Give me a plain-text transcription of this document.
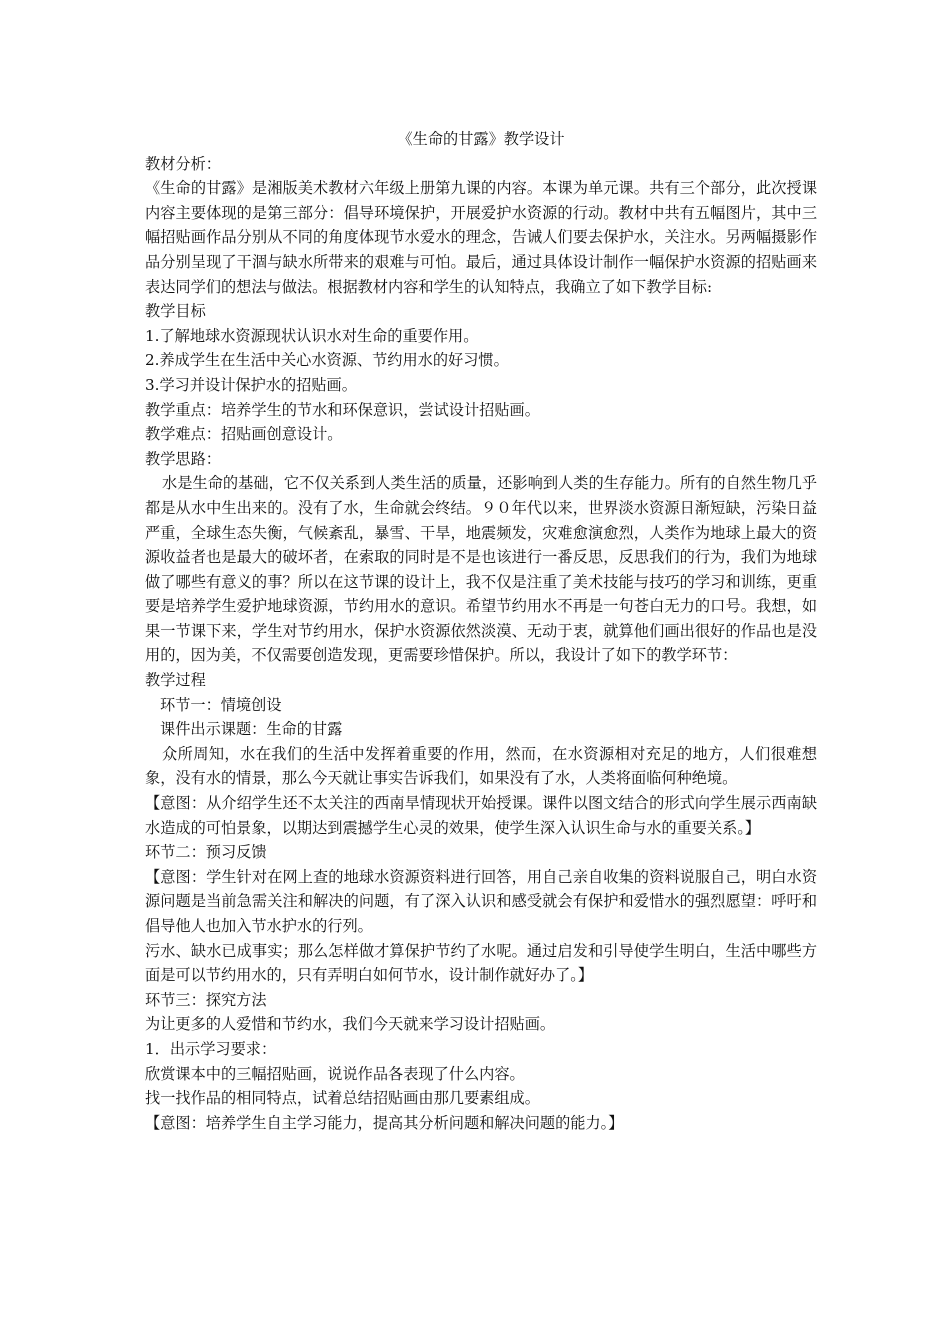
《生命的甘露》教学设计

教材分析：

《生命的甘露》是湘版美术教材六年级上册第九课的内容。本课为单元课。共有三个部分，此次授课内容主要体现的是第三部分：倡导环境保护，开展爱护水资源的行动。教材中共有五幅图片，其中三幅招贴画作品分别从不同的角度体现节水爱水的理念，告诫人们要去保护水，关注水。另两幅摄影作品分别呈现了干涸与缺水所带来的艰难与可怕。最后，通过具体设计制作一幅保护水资源的招贴画来表达同学们的想法与做法。根据教材内容和学生的认知特点，我确立了如下教学目标:

教学目标

1.了解地球水资源现状认识水对生命的重要作用。

2.养成学生在生活中关心水资源、节约用水的好习惯。

3.学习并设计保护水的招贴画。

教学重点：培养学生的节水和环保意识，尝试设计招贴画。

教学难点：招贴画创意设计。

教学思路：

水是生命的基础，它不仅关系到人类生活的质量，还影响到人类的生存能力。所有的自然生物几乎都是从水中生出来的。没有了水，生命就会终结。９０年代以来，世界淡水资源日渐短缺，污染日益严重，全球生态失衡，气候紊乱，暴雪、干旱，地震频发，灾难愈演愈烈，人类作为地球上最大的资源收益者也是最大的破坏者，在索取的同时是不是也该进行一番反思，反思我们的行为，我们为地球做了哪些有意义的事？所以在这节课的设计上，我不仅是注重了美术技能与技巧的学习和训练，更重要是培养学生爱护地球资源，节约用水的意识。希望节约用水不再是一句苍白无力的口号。我想，如果一节课下来，学生对节约用水，保护水资源依然淡漠、无动于衷，就算他们画出很好的作品也是没用的，因为美，不仅需要创造发现，更需要珍惜保护。所以，我设计了如下的教学环节：

教学过程

环节一：情境创设

课件出示课题：生命的甘露

众所周知，水在我们的生活中发挥着重要的作用，然而，在水资源相对充足的地方，人们很难想象，没有水的情景，那么今天就让事实告诉我们，如果没有了水，人类将面临何种绝境。

【意图：从介绍学生还不太关注的西南旱情现状开始授课。课件以图文结合的形式向学生展示西南缺水造成的可怕景象，以期达到震撼学生心灵的效果，使学生深入认识生命与水的重要关系。】

环节二：预习反馈

【意图：学生针对在网上查的地球水资源资料进行回答，用自己亲自收集的资料说服自己，明白水资源问题是当前急需关注和解决的问题，有了深入认识和感受就会有保护和爱惜水的强烈愿望：呼吁和倡导他人也加入节水护水的行列。

污水、缺水已成事实；那么怎样做才算保护节约了水呢。通过启发和引导使学生明白，生活中哪些方面是可以节约用水的，只有弄明白如何节水，设计制作就好办了。】

环节三：探究方法

为让更多的人爱惜和节约水，我们今天就来学习设计招贴画。

1．出示学习要求：

欣赏课本中的三幅招贴画，说说作品各表现了什么内容。

找一找作品的相同特点，试着总结招贴画由那几要素组成。

【意图：培养学生自主学习能力，提高其分析问题和解决问题的能力。】
